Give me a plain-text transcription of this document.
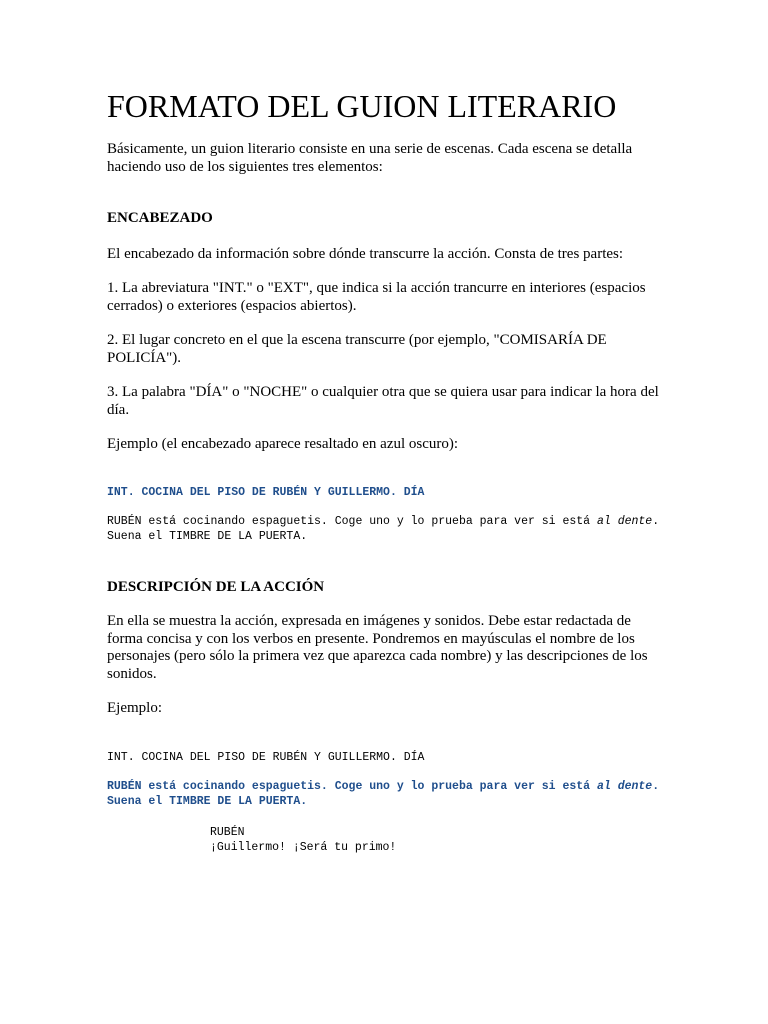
FORMATO DEL GUION LITERARIO

Básicamente, un guion literario consiste en una serie de escenas. Cada escena se detalla haciendo uso de los siguientes tres elementos:

ENCABEZADO

El encabezado da información sobre dónde transcurre la acción. Consta de tres partes:

1. La abreviatura "INT." o "EXT", que indica si la acción trancurre en interiores (espacios cerrados) o exteriores (espacios abiertos).

2. El lugar concreto en el que la escena transcurre (por ejemplo, "COMISARÍA DE POLICÍA").

3. La palabra "DÍA" o "NOCHE" o cualquier otra que se quiera usar para indicar la hora del día.

Ejemplo (el encabezado aparece resaltado en azul oscuro):

INT. COCINA DEL PISO DE RUBÉN Y GUILLERMO. DÍA

RUBÉN está cocinando espaguetis. Coge uno y lo prueba para ver si está al dente. Suena el TIMBRE DE LA PUERTA.

DESCRIPCIÓN DE LA ACCIÓN

En ella se muestra la acción, expresada en imágenes y sonidos. Debe estar redactada de forma concisa y con los verbos en presente. Pondremos en mayúsculas el nombre de los personajes (pero sólo la primera vez que aparezca cada nombre) y las descripciones de los sonidos.

Ejemplo:

INT. COCINA DEL PISO DE RUBÉN Y GUILLERMO. DÍA

RUBÉN está cocinando espaguetis. Coge uno y lo prueba para ver si está al dente. Suena el TIMBRE DE LA PUERTA.

RUBÉN

¡Guillermo! ¡Será tu primo!
